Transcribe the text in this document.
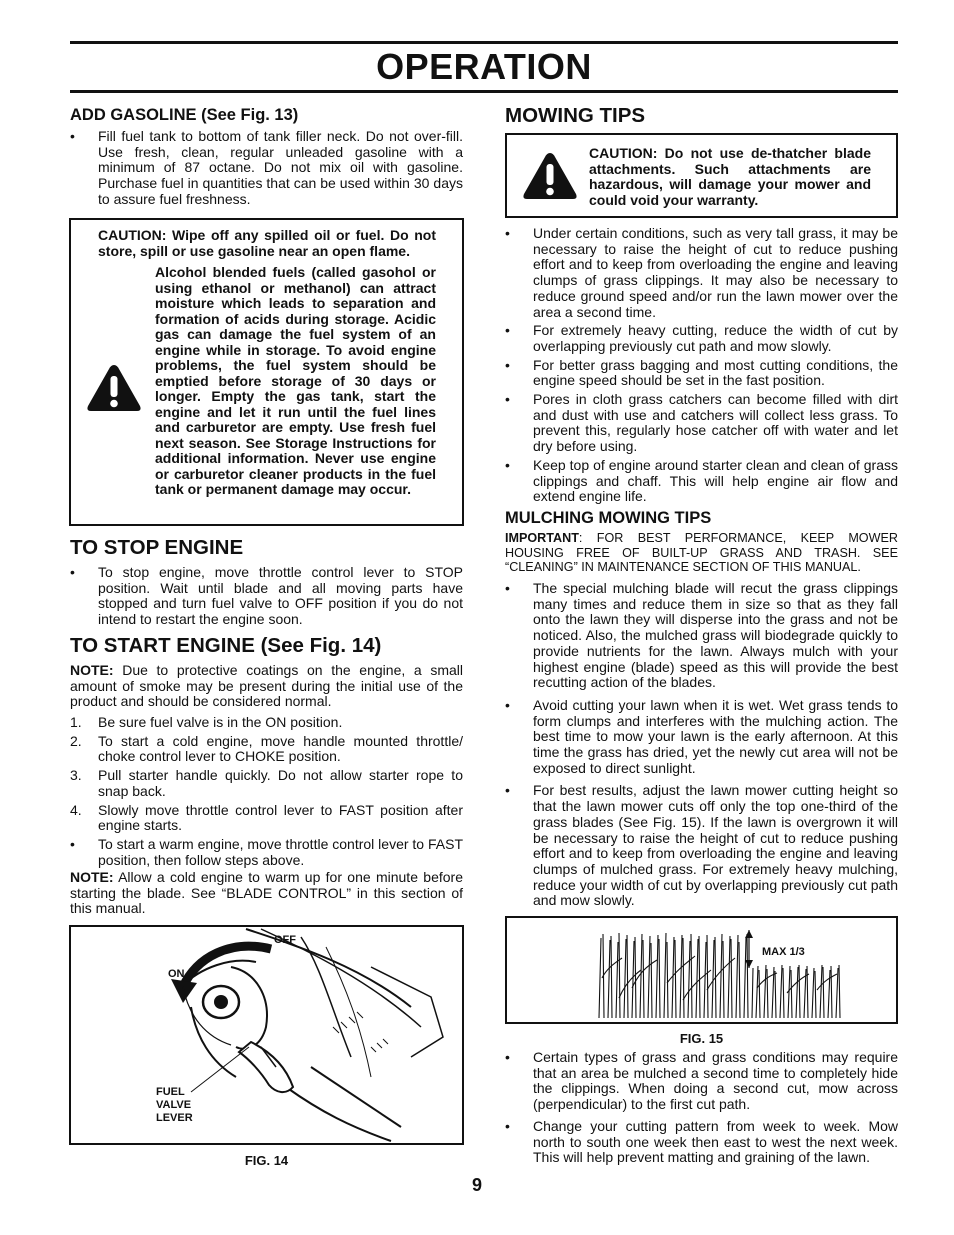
OPERATION
ADD GASOLINE (See Fig. 13)
• Fill fuel tank to bottom of tank filler neck. Do not over-fill. Use fresh, clean, regular unleaded gasoline with a minimum of 87 octane. Do not mix oil with gasoline. Purchase fuel in quantities that can be used within 30 days to assure fuel freshness.
CAUTION: Wipe off any spilled oil or fuel. Do not store, spill or use gasoline near an open flame.
Alcohol blended fuels (called gasohol or using ethanol or methanol) can attract moisture which leads to separation and formation of acids during storage. Acidic gas can damage the fuel system of an engine while in storage. To avoid engine problems, the fuel system should be emptied before storage of 30 days or longer. Empty the gas tank, start the engine and let it run until the fuel lines and carburetor are empty. Use fresh fuel next season. See Storage Instructions for additional information. Never use engine or carburetor cleaner products in the fuel tank or permanent damage may occur.
TO STOP ENGINE
• To stop engine, move throttle control lever to STOP position. Wait until blade and all moving parts have stopped and turn fuel valve to OFF position if you do not intend to restart the engine soon.
TO START ENGINE (See Fig. 14)
NOTE: Due to protective coatings on the engine, a small amount of smoke may be present during the initial use of the product and should be considered normal.
1. Be sure fuel valve is in the ON position.
2. To start a cold engine, move handle mounted throttle/ choke control lever to CHOKE position.
3. Pull starter handle quickly. Do not allow starter rope to snap back.
4. Slowly move throttle control lever to FAST position after engine starts.
• To start a warm engine, move throttle control lever to FAST position, then follow steps above.
NOTE: Allow a cold engine to warm up for one minute before starting the blade. See “BLADE CONTROL” in this section of this manual.
OFF
ON
FUEL
VALVE
LEVER
FIG. 14
MOWING TIPS
CAUTION: Do not use de-thatcher blade attachments. Such attachments are hazardous, will damage your mower and could void your warranty.
• Under certain conditions, such as very tall grass, it may be necessary to raise the height of cut to reduce pushing effort and to keep from overloading the engine and leaving clumps of grass clippings. It may also be necessary to reduce ground speed and/or run the lawn mower over the area a second time.
• For extremely heavy cutting, reduce the width of cut by overlapping previously cut path and mow slowly.
• For better grass bagging and most cutting conditions, the engine speed should be set in the fast position.
• Pores in cloth grass catchers can become filled with dirt and dust with use and catchers will collect less grass. To prevent this, regularly hose catcher off with water and let dry before using.
• Keep top of engine around starter clean and clean of grass clippings and chaff. This will help engine air flow and extend engine life.
MULCHING MOWING TIPS
IMPORTANT: FOR BEST PERFORMANCE, KEEP MOWER HOUSING FREE OF BUILT-UP GRASS AND TRASH. SEE “CLEANING” IN MAINTENANCE SECTION OF THIS MANUAL.
• The special mulching blade will recut the grass clippings many times and reduce them in size so that as they fall onto the lawn they will disperse into the grass and not be noticed. Also, the mulched grass will biodegrade quickly to provide nutrients for the lawn. Always mulch with your highest engine (blade) speed as this will provide the best recutting action of the blades.
• Avoid cutting your lawn when it is wet. Wet grass tends to form clumps and interferes with the mulching action. The best time to mow your lawn is the early afternoon. At this time the grass has dried, yet the newly cut area will not be exposed to direct sunlight.
• For best results, adjust the lawn mower cutting height so that the lawn mower cuts off only the top one-third of the grass blades (See Fig. 15). If the lawn is overgrown it will be necessary to raise the height of cut to reduce pushing effort and to keep from overloading the engine and leaving clumps of mulched grass. For extremely heavy mulching, reduce your width of cut by overlapping previously cut path and mow slowly.
MAX 1/3
FIG. 15
• Certain types of grass and grass conditions may require that an area be mulched a second time to completely hide the clippings. When doing a second cut, mow across (perpendicular) to the first cut path.
• Change your cutting pattern from week to week. Mow north to south one week then east to west the next week. This will help prevent matting and graining of the lawn.
9
